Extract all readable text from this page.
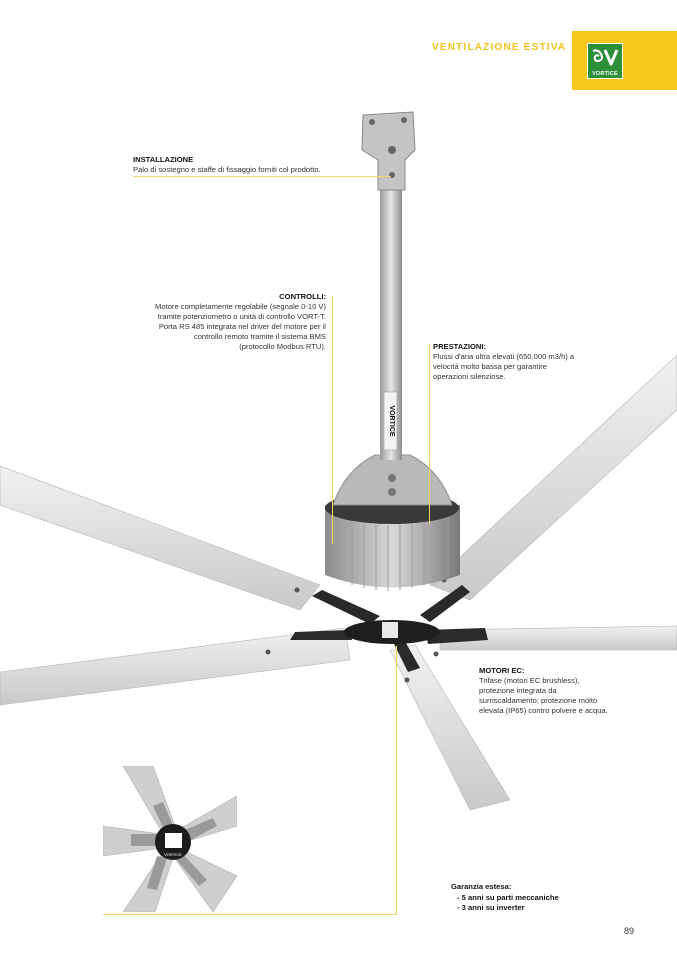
VENTILAZIONE ESTIVA
VORTICE
VORTICE
INSTALLAZIONE
Palo di sostegno e staffe di fissaggio forniti col prodotto.
CONTROLLI:
Motore completamente regolabile (segnale 0-10 V)
tramite potenziometro o unità di controllo VORT-T.
Porta RS 485 integrata nel driver del motore per il
controllo remoto tramite il sistema BMS
(protocollo Modbus RTU).	PRESTAZIONI:
Flussi d'aria ultra elevati (650.000 m3/h) a
velocità molto bassa per garantire
operazioni silenziose.
MOTORI EC:
Trifase (motori EC brushless),
protezione integrata da
surriscaldamento; protezione molto
elevata (IP65) contro polvere e acqua.
VORTICE
Garanzia estesa:
- 5 anni su parti meccaniche
- 3 anni su inverter
89
